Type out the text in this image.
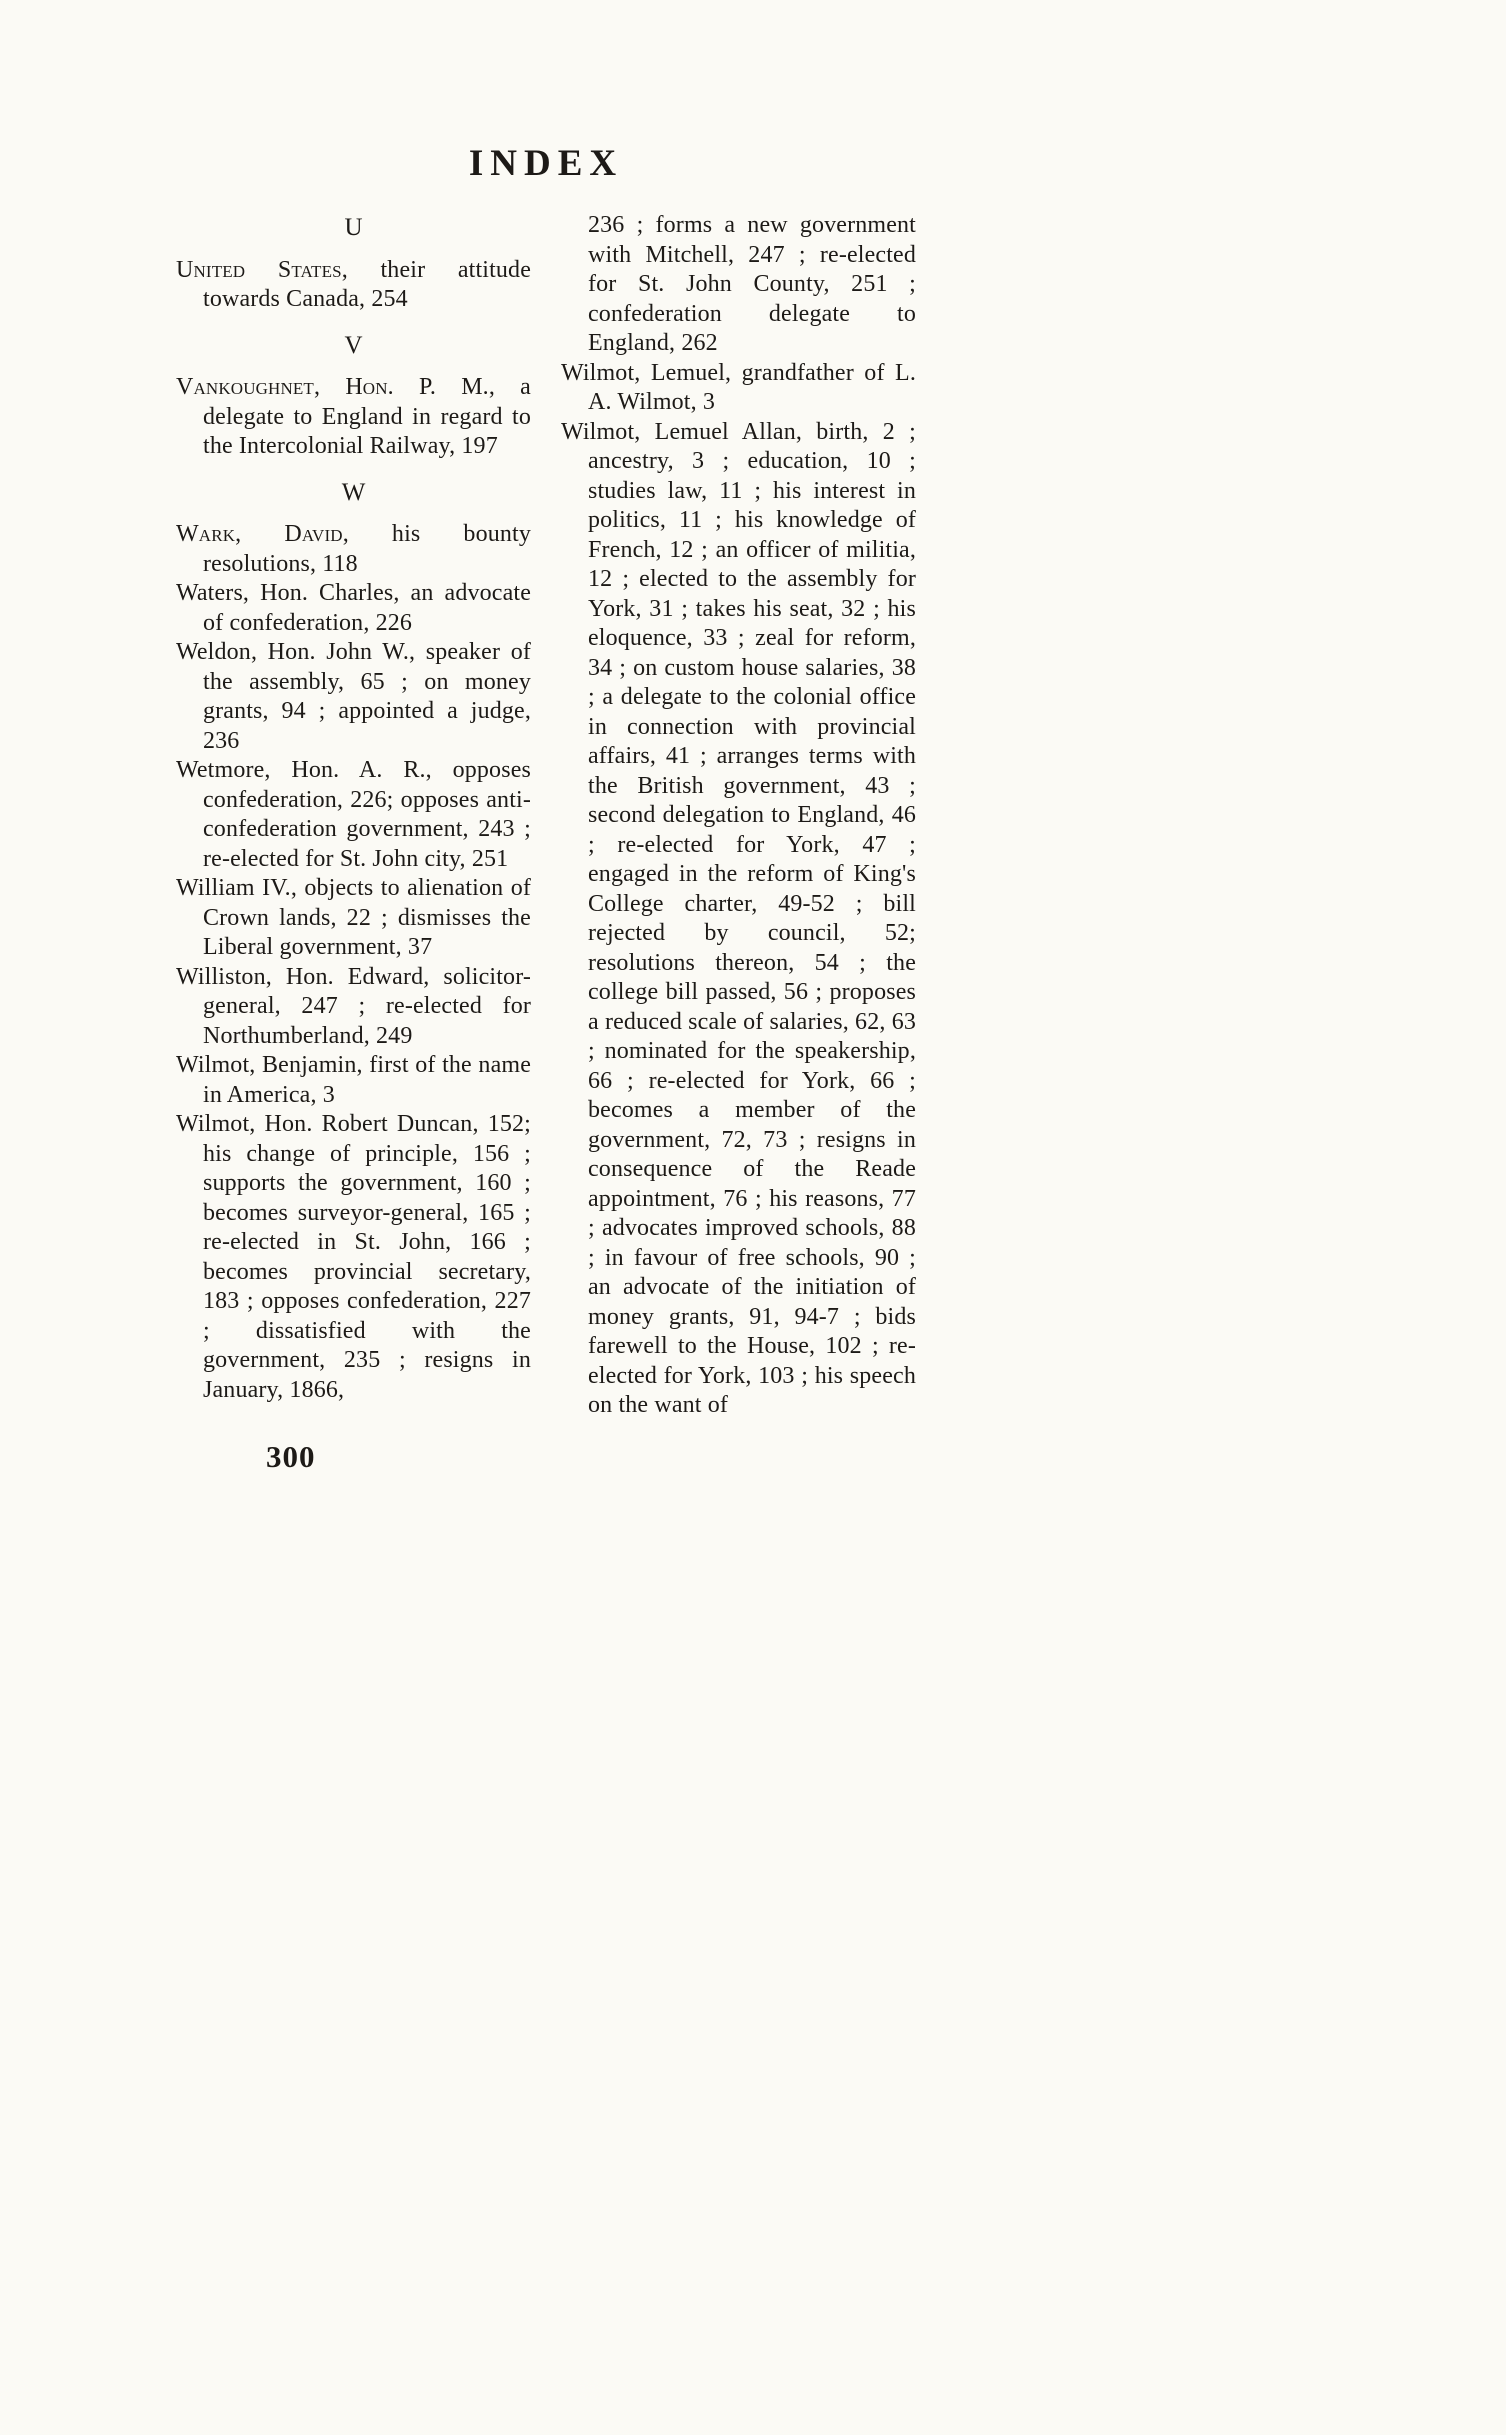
INDEX
U

United States, their attitude towards Canada, 254

V

Vankoughnet, Hon. P. M., a delegate to England in regard to the Intercolonial Railway, 197

W

Wark, David, his bounty resolutions, 118

Waters, Hon. Charles, an advocate of confederation, 226

Weldon, Hon. John W., speaker of the assembly, 65 ; on money grants, 94 ; appointed a judge, 236

Wetmore, Hon. A. R., opposes confederation, 226; opposes anti-confederation government, 243 ; re-elected for St. John city, 251

William IV., objects to alienation of Crown lands, 22 ; dismisses the Liberal government, 37

Williston, Hon. Edward, solicitor-general, 247 ; re-elected for Northumberland, 249

Wilmot, Benjamin, first of the name in America, 3

Wilmot, Hon. Robert Duncan, 152; his change of principle, 156 ; supports the government, 160 ; becomes surveyor-general, 165 ; re-elected in St. John, 166 ; becomes provincial secretary, 183 ; opposes confederation, 227 ; dissatisfied with the government, 235 ; resigns in January, 1866,

236 ; forms a new government with Mitchell, 247 ; re-elected for St. John County, 251 ; confederation delegate to England, 262

Wilmot, Lemuel, grandfather of L. A. Wilmot, 3

Wilmot, Lemuel Allan, birth, 2 ; ancestry, 3 ; education, 10 ; studies law, 11 ; his interest in politics, 11 ; his knowledge of French, 12 ; an officer of militia, 12 ; elected to the assembly for York, 31 ; takes his seat, 32 ; his eloquence, 33 ; zeal for reform, 34 ; on custom house salaries, 38 ; a delegate to the colonial office in connection with provincial affairs, 41 ; arranges terms with the British government, 43 ; second delegation to England, 46 ; re-elected for York, 47 ; engaged in the reform of King's College charter, 49-52 ; bill rejected by council, 52; resolutions thereon, 54 ; the college bill passed, 56 ; proposes a reduced scale of salaries, 62, 63 ; nominated for the speakership, 66 ; re-elected for York, 66 ; becomes a member of the government, 72, 73 ; resigns in consequence of the Reade appointment, 76 ; his reasons, 77 ; advocates improved schools, 88 ; in favour of free schools, 90 ; an advocate of the initiation of money grants, 91, 94-7 ; bids farewell to the House, 102 ; re-elected for York, 103 ; his speech on the want of

300
